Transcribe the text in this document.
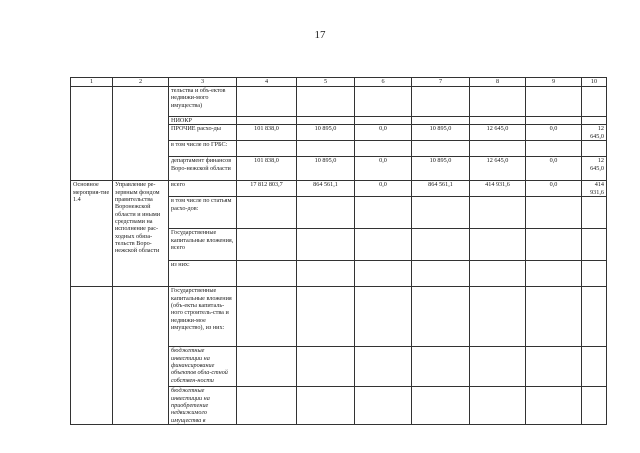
17
1	2	3	4	5	6	7	8	9	10
		тельства и объ-ектов недвижи-мого имущества)							
		НИОКР							
		ПРОЧИЕ расхо-ды	101 838,0	10 895,0	0,0	10 895,0	12 645,0	0,0	12 645,0
		в том числе по ГРБС:							
		департамент финансов Воро-нежской области	101 838,0	10 895,0	0,0	10 895,0	12 645,0	0,0	12 645,0
Основное мероприя-тие 1.4	Управление ре-зервным фондом правительства Воронежской области и иными средствами на исполнение рас-ходных обяза-тельств Воро-нежской области	всего	17 812 803,7	864 561,1	0,0	864 561,1	414 931,6	0,0	414 931,6
		в том числе по статьям расхо-дов:							
		Государственные капитальные вложения, всего							
		из них:							
		Государственные капитальные вложения (объ-екты капиталь-ного строитель-ства и недвижи-мое имущество), из них:							
		бюджетные инвестиции на финансирование объектов обла-стной собствен-ности							
		бюджетные инвестиции на приобретение недвижимого имущества в							
